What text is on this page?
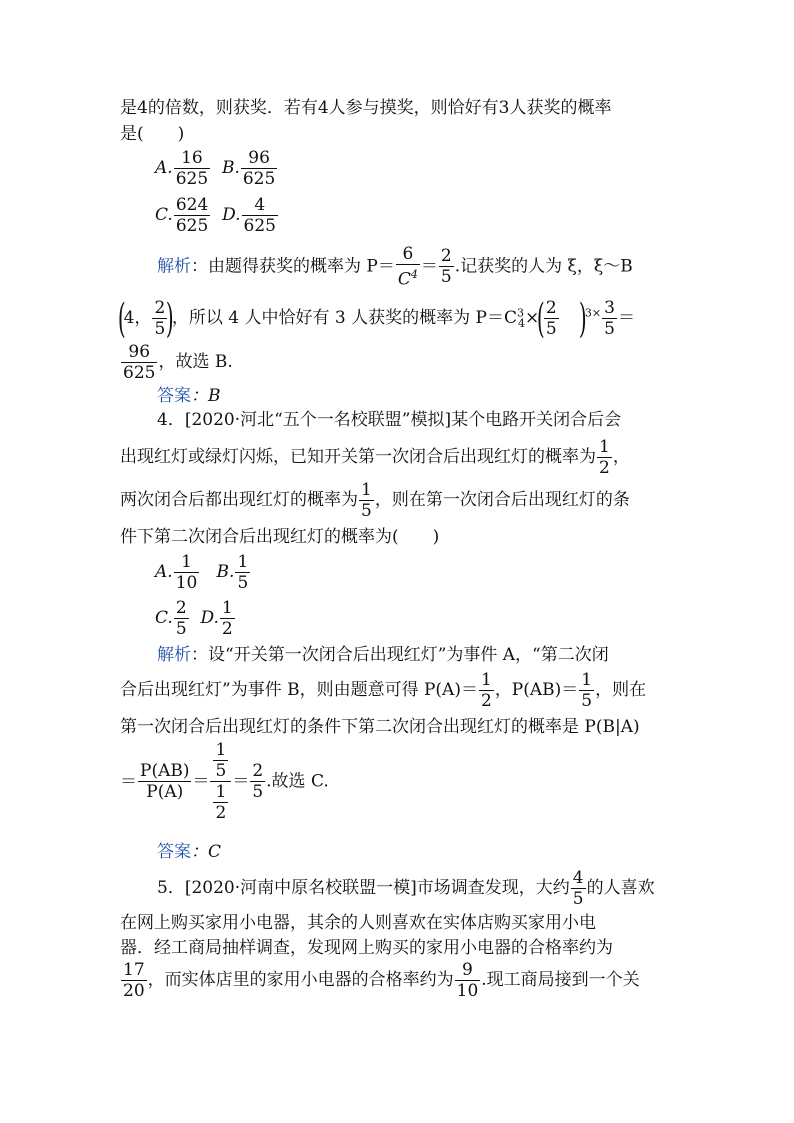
是4的倍数，则获奖．若有4人参与摸奖，则恰好有3人获奖的概率
是(　　)
A. $\frac{16}{625} B$. $\frac{96}{625}$
C. $\frac{624}{625} D$. $\frac{4}{625}$
解析：由题得获奖的概率为 $P= \frac{6}{C^4} = \frac{2}{5}$ .记获奖的人为 ξ，ξ～B
(4， $\frac{2}{5}$
)，所以 4 人中恰好有 3 人获奖的概率为 $P=C^3_4\times$(
$\frac{2}{5} )^{3\times} \frac{3}{5}$ ＝
$\frac{96}{625}$ ，故选 B.
答案：B
4．[2020·河北“五个一名校联盟”模拟]某个电路开关闭合后会
出现红灯或绿灯闪烁，已知开关第一次闭合后出现红灯的概率为 $\frac{1}{2}$ ，
两次闭合后都出现红灯的概率为 $\frac{1}{5}$ ，则在第一次闭合后出现红灯的条
件下第二次闭合后出现红灯的概率为(　　)
A. $\frac{1}{10} B$. $\frac{1}{5}$
C. $\frac{2}{5} D$. $\frac{1}{2}$
解析：设“开关第一次闭合后出现红灯”为事件 A，“第二次闭
合后出现红灯”为事件 B，则由题意可得 $P(A)= \frac{1}{2}$ ，$P(AB)= \frac{1}{5}$ ，则在
第一次闭合后出现红灯的条件下第二次闭合出现红灯的概率是 P(B|A)
＝ $\frac{P(AB)}{P(A)} = \frac{\frac{1}{5}}{\frac{1}{2}} = \frac{2}{5}$ .故选 C.
答案：C
5．[2020·河南中原名校联盟一模]市场调查发现，大约 $\frac{4}{5}$ 的人喜欢
在网上购买家用小电器，其余的人则喜欢在实体店购买家用小电
器．经工商局抽样调查，发现网上购买的家用小电器的合格率约为
$\frac{17}{20}$ ，而实体店里的家用小电器的合格率约为 $\frac{9}{10}$ .现工商局接到一个关
